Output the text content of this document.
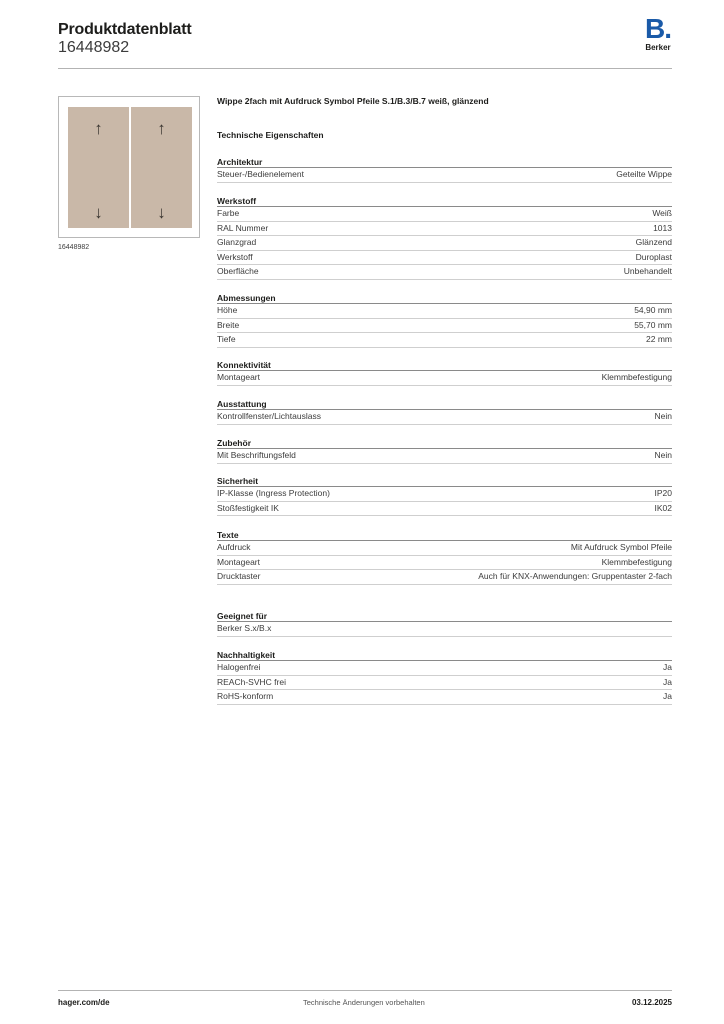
Produktdatenblatt
16448982
B.
Berker
↑
↓
↑
↓
16448982
Wippe 2fach mit Aufdruck Symbol Pfeile S.1/B.3/B.7 weiß, glänzend
Technische Eigenschaften
Architektur
Steuer-/Bedienelement	Geteilte Wippe
Werkstoff
Farbe	Weiß
RAL Nummer	1013
Glanzgrad	Glänzend
Werkstoff	Duroplast
Oberfläche	Unbehandelt
Abmessungen
Höhe	54,90 mm
Breite	55,70 mm
Tiefe	22 mm
Konnektivität
Montageart	Klemmbefestigung
Ausstattung
Kontrollfenster/Lichtauslass	Nein
Zubehör
Mit Beschriftungsfeld	Nein
Sicherheit
IP-Klasse (Ingress Protection)	IP20
Stoßfestigkeit IK	IK02
Texte
Aufdruck	Mit Aufdruck Symbol Pfeile
Montageart	Klemmbefestigung
Drucktaster	Auch für KNX-Anwendungen: Gruppentaster 2-fach
Geeignet für
Berker S.x/B.x
Nachhaltigkeit
Halogenfrei	Ja
REACh-SVHC frei	Ja
RoHS-konform	Ja
hager.com/de	Technische Änderungen vorbehalten	03.12.2025
